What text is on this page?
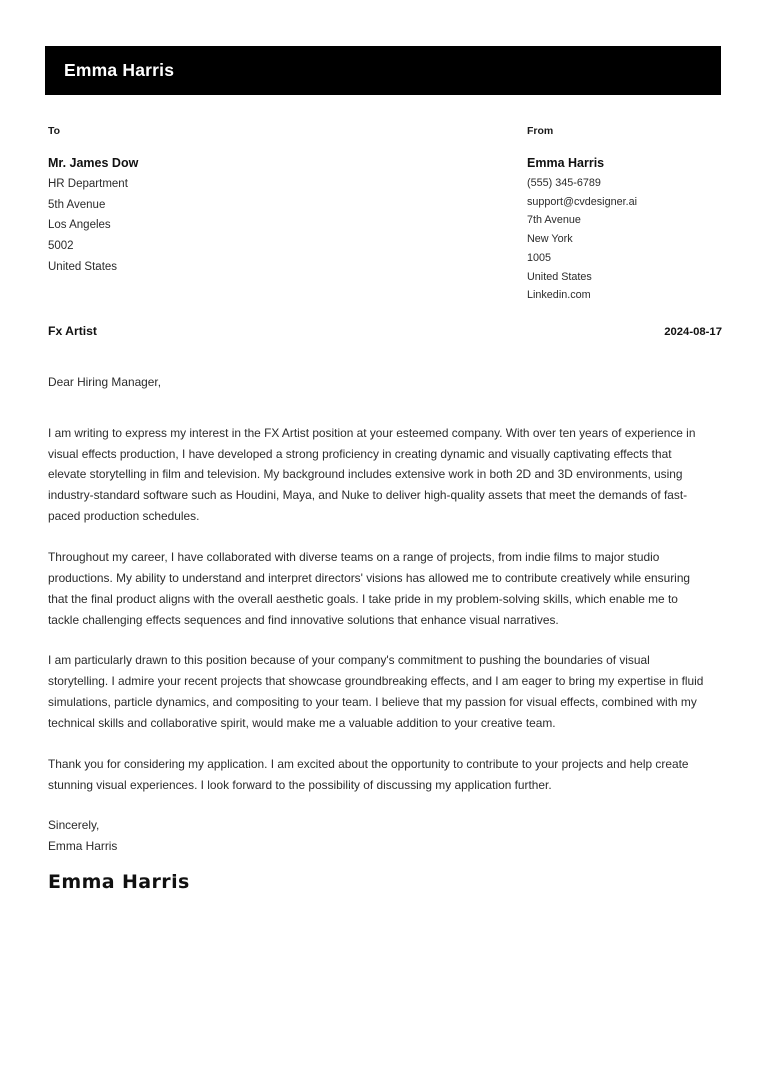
Emma Harris
To
Mr. James Dow
HR Department
5th Avenue
Los Angeles
5002
United States
From
Emma Harris
(555) 345-6789
support@cvdesigner.ai
7th Avenue
New York
1005
United States
Linkedin.com
Fx Artist	2024-08-17

Dear Hiring Manager,

I am writing to express my interest in the FX Artist position at your esteemed company. With over ten years of experience in visual effects production, I have developed a strong proficiency in creating dynamic and visually captivating effects that elevate storytelling in film and television. My background includes extensive work in both 2D and 3D environments, using industry-standard software such as Houdini, Maya, and Nuke to deliver high-quality assets that meet the demands of fast-paced production schedules.

Throughout my career, I have collaborated with diverse teams on a range of projects, from indie films to major studio productions. My ability to understand and interpret directors' visions has allowed me to contribute creatively while ensuring that the final product aligns with the overall aesthetic goals. I take pride in my problem-solving skills, which enable me to tackle challenging effects sequences and find innovative solutions that enhance visual narratives.

I am particularly drawn to this position because of your company's commitment to pushing the boundaries of visual storytelling. I admire your recent projects that showcase groundbreaking effects, and I am eager to bring my expertise in fluid simulations, particle dynamics, and compositing to your team. I believe that my passion for visual effects, combined with my technical skills and collaborative spirit, would make me a valuable addition to your creative team.

Thank you for considering my application. I am excited about the opportunity to contribute to your projects and help create stunning visual experiences. I look forward to the possibility of discussing my application further.

Sincerely,
Emma Harris
Emma Harris
